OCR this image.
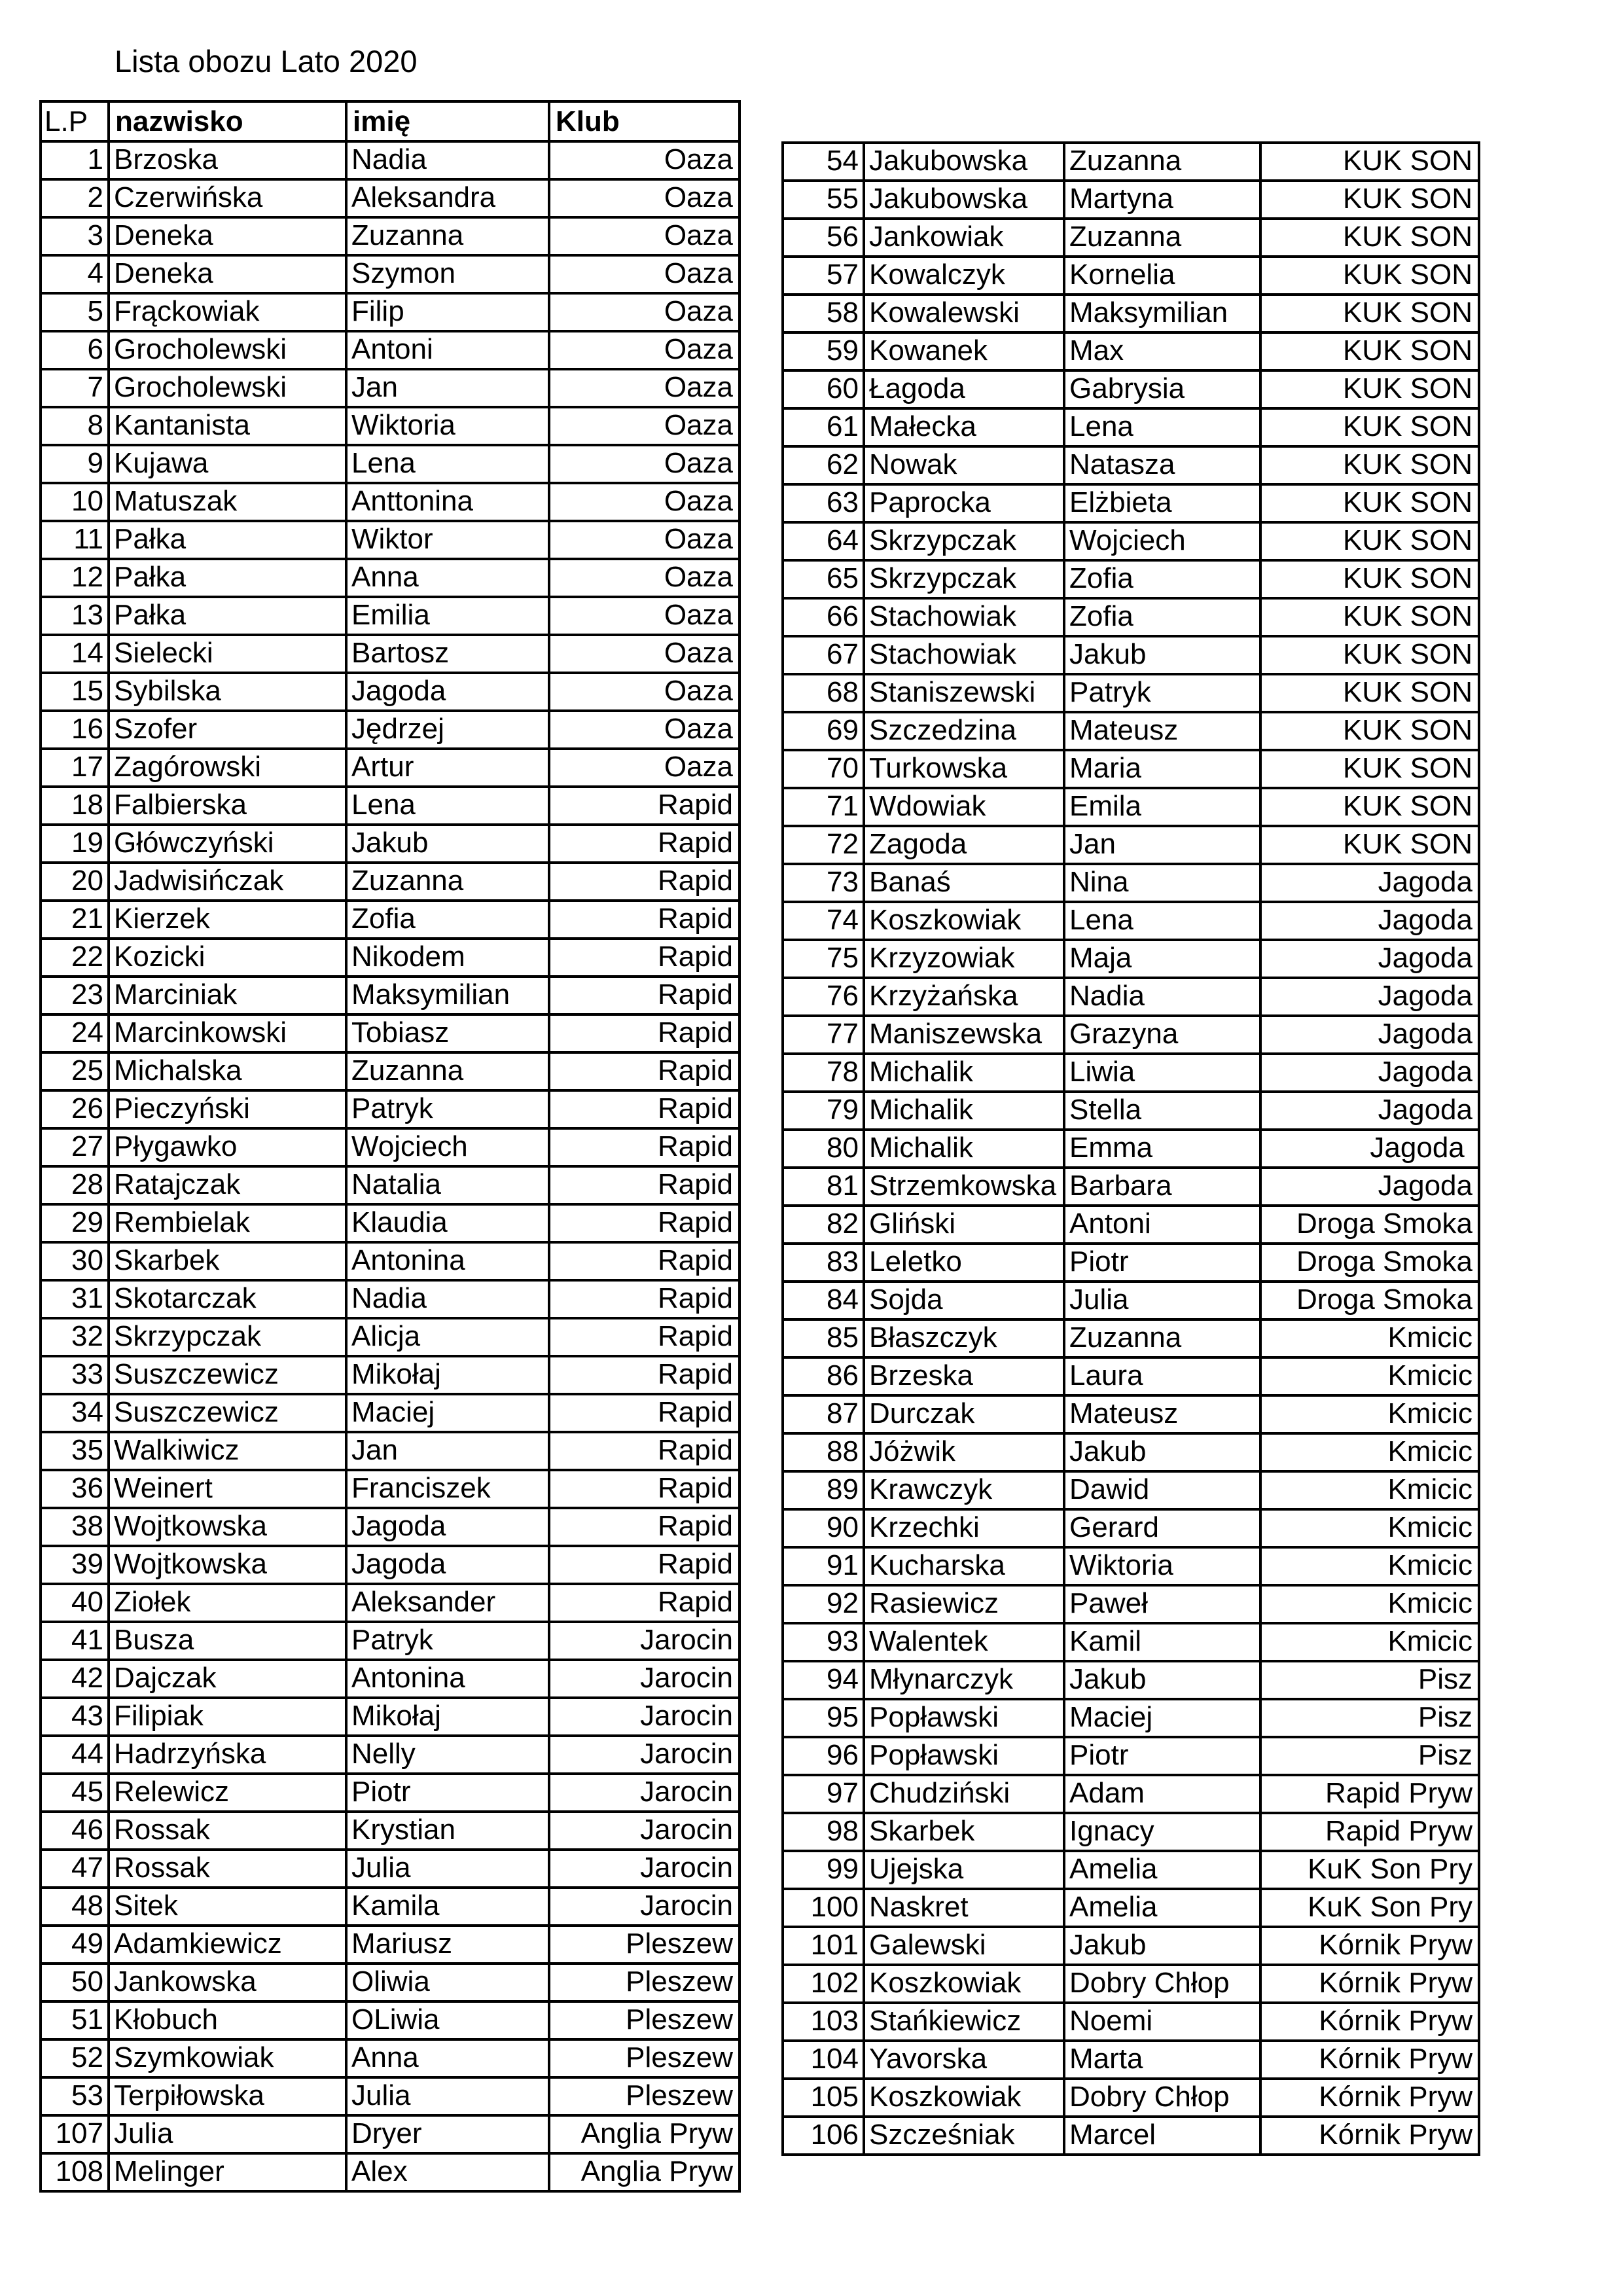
Lista obozu Lato 2020
L.P	nazwisko	imię	Klub
1	Brzoska	Nadia	Oaza
2	Czerwińska	Aleksandra	Oaza
3	Deneka	Zuzanna	Oaza
4	Deneka	Szymon	Oaza
5	Frąckowiak	Filip	Oaza
6	Grocholewski	Antoni	Oaza
7	Grocholewski	Jan	Oaza
8	Kantanista	Wiktoria	Oaza
9	Kujawa	Lena	Oaza
10	Matuszak	Anttonina	Oaza
11	Pałka	Wiktor	Oaza
12	Pałka	Anna	Oaza
13	Pałka	Emilia	Oaza
14	Sielecki	Bartosz	Oaza
15	Sybilska	Jagoda	Oaza
16	Szofer	Jędrzej	Oaza
17	Zagórowski	Artur	Oaza
18	Falbierska	Lena	Rapid
19	Główczyński	Jakub	Rapid
20	Jadwisińczak	Zuzanna	Rapid
21	Kierzek	Zofia	Rapid
22	Kozicki	Nikodem	Rapid
23	Marciniak	Maksymilian	Rapid
24	Marcinkowski	Tobiasz	Rapid
25	Michalska	Zuzanna	Rapid
26	Pieczyński	Patryk	Rapid
27	Płygawko	Wojciech	Rapid
28	Ratajczak	Natalia	Rapid
29	Rembielak	Klaudia	Rapid
30	Skarbek	Antonina	Rapid
31	Skotarczak	Nadia	Rapid
32	Skrzypczak	Alicja	Rapid
33	Suszczewicz	Mikołaj	Rapid
34	Suszczewicz	Maciej	Rapid
35	Walkiwicz	Jan	Rapid
36	Weinert	Franciszek	Rapid
38	Wojtkowska	Jagoda	Rapid
39	Wojtkowska	Jagoda	Rapid
40	Ziołek	Aleksander	Rapid
41	Busza	Patryk	Jarocin
42	Dajczak	Antonina	Jarocin
43	Filipiak	Mikołaj	Jarocin
44	Hadrzyńska	Nelly	Jarocin
45	Relewicz	Piotr	Jarocin
46	Rossak	Krystian	Jarocin
47	Rossak	Julia	Jarocin
48	Sitek	Kamila	Jarocin
49	Adamkiewicz	Mariusz	Pleszew
50	Jankowska	Oliwia	Pleszew
51	Kłobuch	OLiwia	Pleszew
52	Szymkowiak	Anna	Pleszew
53	Terpiłowska	Julia	Pleszew
107	Julia	Dryer	Anglia Pryw
108	Melinger	Alex	Anglia Pryw
54	Jakubowska	Zuzanna	KUK SON
55	Jakubowska	Martyna	KUK SON
56	Jankowiak	Zuzanna	KUK SON
57	Kowalczyk	Kornelia	KUK SON
58	Kowalewski	Maksymilian	KUK SON
59	Kowanek	Max	KUK SON
60	Łagoda	Gabrysia	KUK SON
61	Małecka	Lena	KUK SON
62	Nowak	Natasza	KUK SON
63	Paprocka	Elżbieta	KUK SON
64	Skrzypczak	Wojciech	KUK SON
65	Skrzypczak	Zofia	KUK SON
66	Stachowiak	Zofia	KUK SON
67	Stachowiak	Jakub	KUK SON
68	Staniszewski	Patryk	KUK SON
69	Szczedzina	Mateusz	KUK SON
70	Turkowska	Maria	KUK SON
71	Wdowiak	Emila	KUK SON
72	Zagoda	Jan	KUK SON
73	Banaś	Nina	Jagoda
74	Koszkowiak	Lena	Jagoda
75	Krzyzowiak	Maja	Jagoda
76	Krzyżańska	Nadia	Jagoda
77	Maniszewska	Grazyna	Jagoda
78	Michalik	Liwia	Jagoda
79	Michalik	Stella	Jagoda
80	Michalik	Emma	Jagoda
81	Strzemkowska	Barbara	Jagoda
82	Gliński	Antoni	Droga Smoka
83	Leletko	Piotr	Droga Smoka
84	Sojda	Julia	Droga Smoka
85	Błaszczyk	Zuzanna	Kmicic
86	Brzeska	Laura	Kmicic
87	Durczak	Mateusz	Kmicic
88	Jóżwik	Jakub	Kmicic
89	Krawczyk	Dawid	Kmicic
90	Krzechki	Gerard	Kmicic
91	Kucharska	Wiktoria	Kmicic
92	Rasiewicz	Paweł	Kmicic
93	Walentek	Kamil	Kmicic
94	Młynarczyk	Jakub	Pisz
95	Popławski	Maciej	Pisz
96	Popławski	Piotr	Pisz
97	Chudziński	Adam	Rapid Pryw
98	Skarbek	Ignacy	Rapid Pryw
99	Ujejska	Amelia	KuK Son Pry
100	Naskret	Amelia	KuK Son Pry
101	Galewski	Jakub	Kórnik Pryw
102	Koszkowiak	Dobry Chłop	Kórnik Pryw
103	Stańkiewicz	Noemi	Kórnik Pryw
104	Yavorska	Marta	Kórnik Pryw
105	Koszkowiak	Dobry Chłop	Kórnik Pryw
106	Szcześniak	Marcel	Kórnik Pryw
